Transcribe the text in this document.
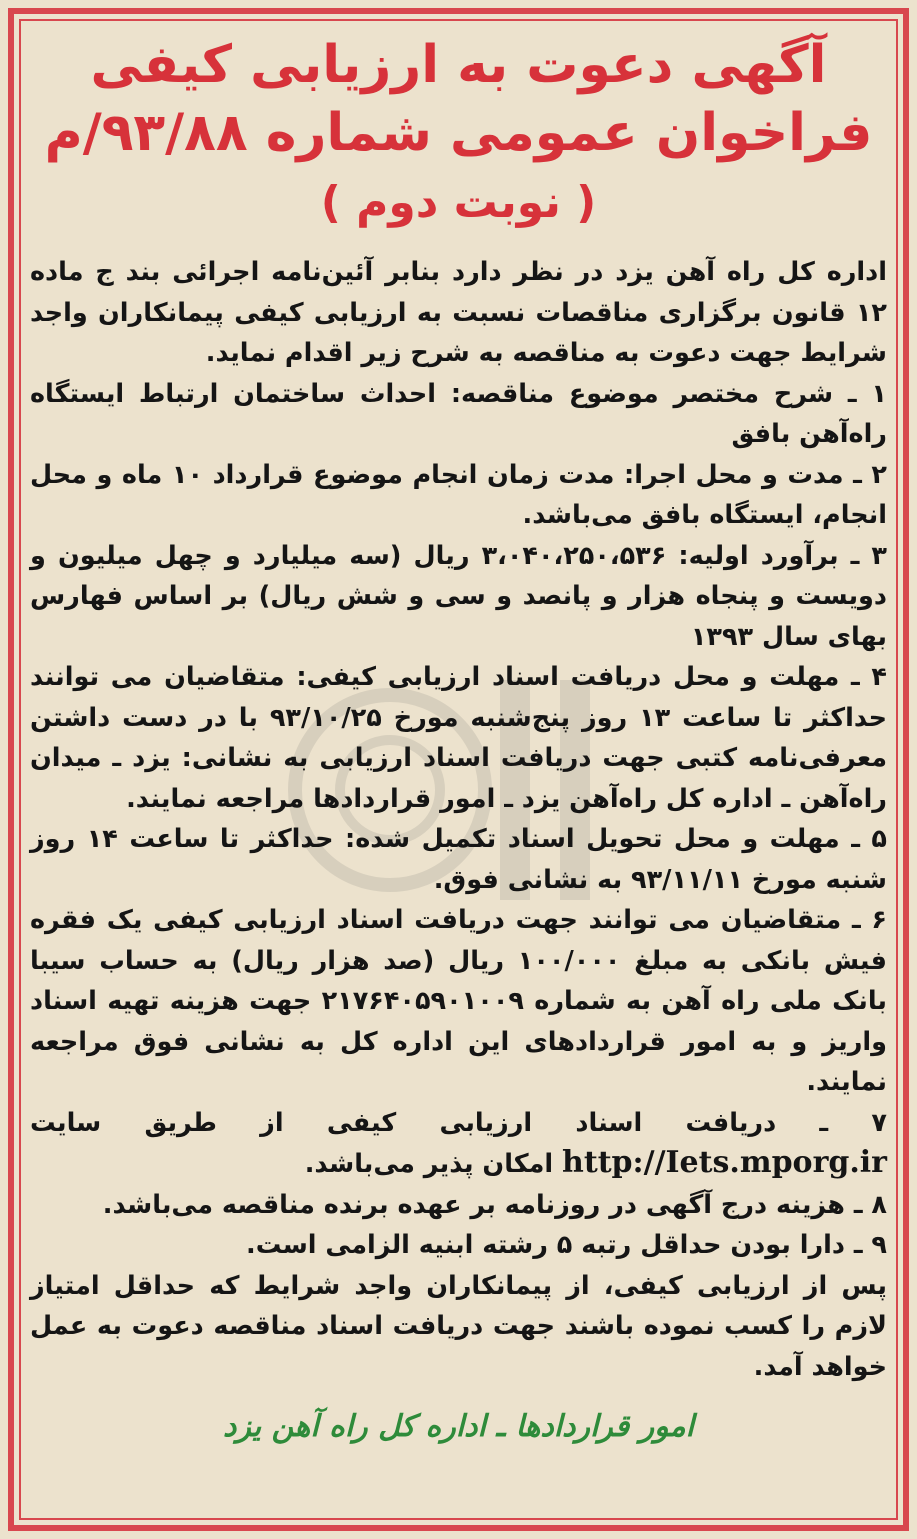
آگهی دعوت به ارزیابی کیفی
فراخوان عمومی شماره ۹۳/۸۸/م
( نوبت دوم )

اداره کل راه آهن یزد در نظر دارد بنابر آئین‌نامه اجرائی بند ج ماده ۱۲ قانون برگزاری مناقصات نسبت به ارزیابی کیفی پیمانکاران واجد شرایط جهت دعوت به مناقصه به شرح زیر اقدام نماید.

۱ ـ شرح مختصر موضوع مناقصه: احداث ساختمان ارتباط ایستگاه راه‌آهن بافق

۲ ـ مدت و محل اجرا: مدت زمان انجام موضوع قرارداد ۱۰ ماه و محل انجام، ایستگاه بافق می‌باشد.

۳ ـ برآورد اولیه: ۳،۰۴۰،۲۵۰،۵۳۶ ریال (سه میلیارد و چهل میلیون و دویست و پنجاه هزار و پانصد و سی و شش ریال) بر اساس فهارس بهای سال ۱۳۹۳

۴ ـ مهلت و محل دریافت اسناد ارزیابی کیفی: متقاضیان می توانند حداکثر تا ساعت ۱۳ روز پنج‌شنبه مورخ ۹۳/۱۰/۲۵ با در دست داشتن معرفی‌نامه کتبی جهت دریافت اسناد ارزیابی به نشانی: یزد ـ میدان راه‌آهن ـ اداره کل راه‌آهن یزد ـ امور قراردادها مراجعه نمایند.

۵ ـ مهلت و محل تحویل اسناد تکمیل شده: حداکثر تا ساعت ۱۴ روز شنبه مورخ ۹۳/۱۱/۱۱ به نشانی فوق.

۶ ـ متقاضیان می توانند جهت دریافت اسناد ارزیابی کیفی یک فقره فیش بانکی به مبلغ ۱۰۰/۰۰۰ ریال (صد هزار ریال) به حساب سیبا بانک ملی راه آهن به شماره ۲۱۷۶۴۰۵۹۰۱۰۰۹ جهت هزینه تهیه اسناد واریز و به امور قراردادهای این اداره کل به نشانی فوق مراجعه نمایند.

۷ ـ دریافت اسناد ارزیابی کیفی از طریق سایت http://Iets.mporg.ir امکان پذیر می‌باشد.

۸ ـ هزینه درج آگهی در روزنامه بر عهده برنده مناقصه می‌باشد.

۹ ـ دارا بودن حداقل رتبه ۵ رشته ابنیه الزامی است.

پس از ارزیابی کیفی، از پیمانکاران واجد شرایط که حداقل امتیاز لازم را کسب نموده باشند جهت دریافت اسناد مناقصه دعوت به عمل خواهد آمد.

امور قراردادها ـ اداره کل راه آهن یزد
